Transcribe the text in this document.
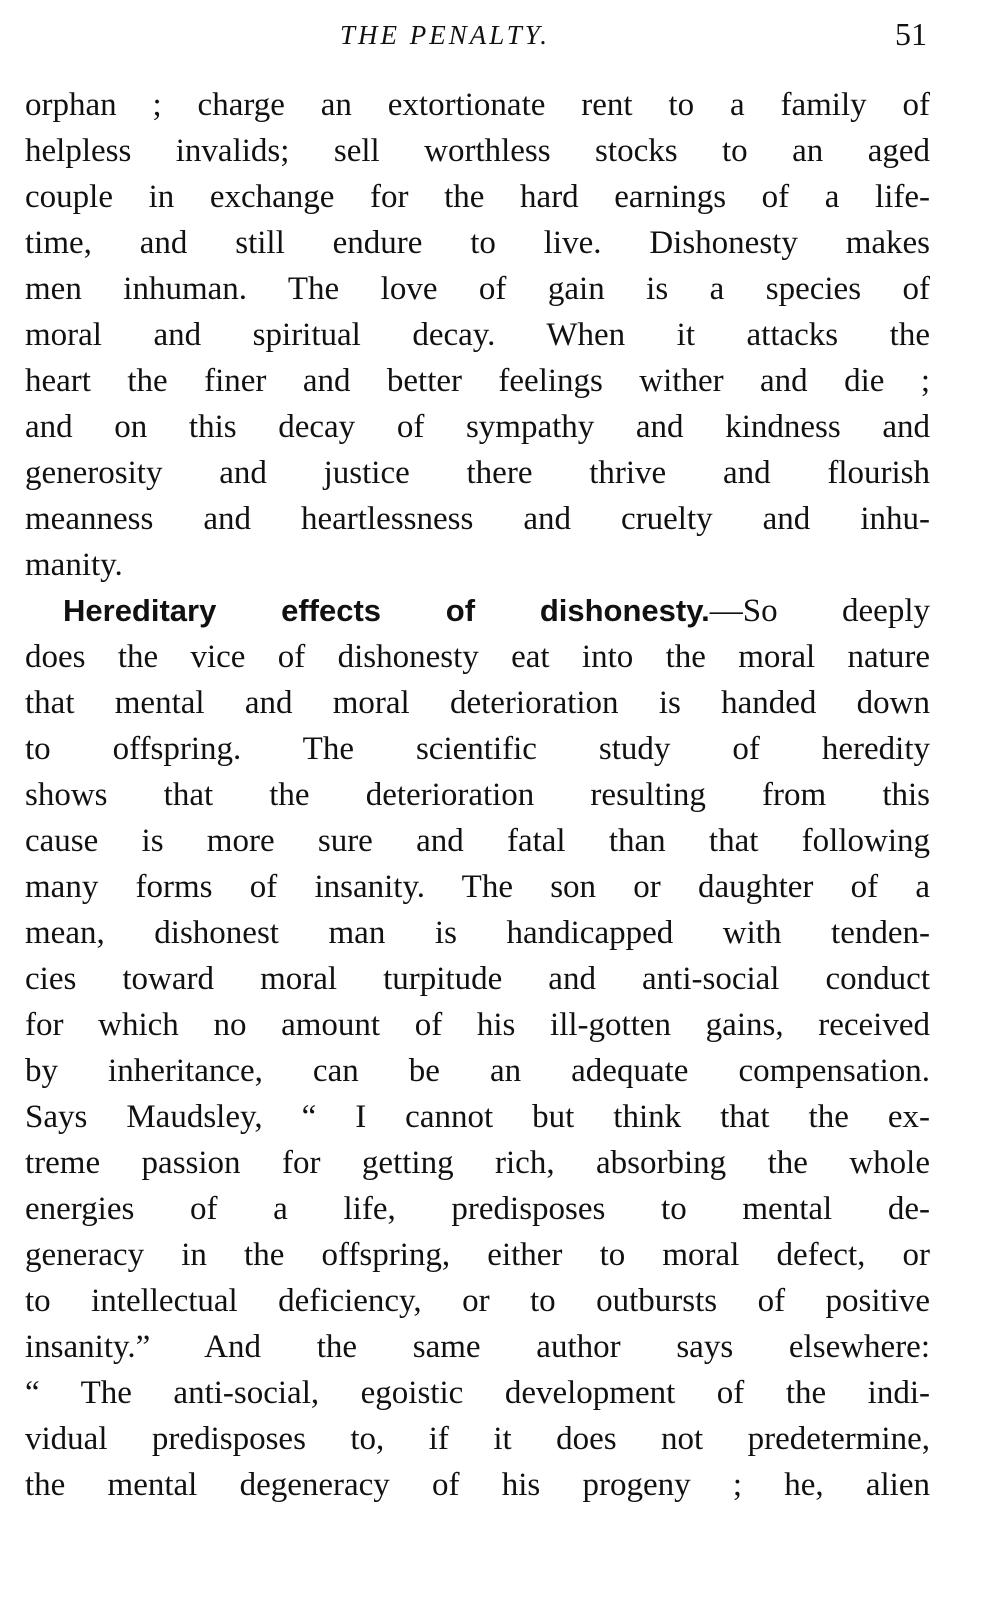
THE PENALTY.	51
orphan ; charge an extortionate rent to a family of
helpless invalids; sell worthless stocks to an aged
couple in exchange for the hard earnings of a life-
time, and still endure to live. Dishonesty makes
men inhuman. The love of gain is a species of
moral and spiritual decay. When it attacks the
heart the finer and better feelings wither and die ;
and on this decay of sympathy and kindness and
generosity and justice there thrive and flourish
meanness and heartlessness and cruelty and inhu-
manity.
Hereditary effects of dishonesty.—So deeply
does the vice of dishonesty eat into the moral nature
that mental and moral deterioration is handed down
to offspring. The scientific study of heredity
shows that the deterioration resulting from this
cause is more sure and fatal than that following
many forms of insanity. The son or daughter of a
mean, dishonest man is handicapped with tenden-
cies toward moral turpitude and anti-social conduct
for which no amount of his ill-gotten gains, received
by inheritance, can be an adequate compensation.
Says Maudsley, “ I cannot but think that the ex-
treme passion for getting rich, absorbing the whole
energies of a life, predisposes to mental de-
generacy in the offspring, either to moral defect, or
to intellectual deficiency, or to outbursts of positive
insanity.” And the same author says elsewhere:
“ The anti-social, egoistic development of the indi-
vidual predisposes to, if it does not predetermine,
the mental degeneracy of his progeny ; he, alien
